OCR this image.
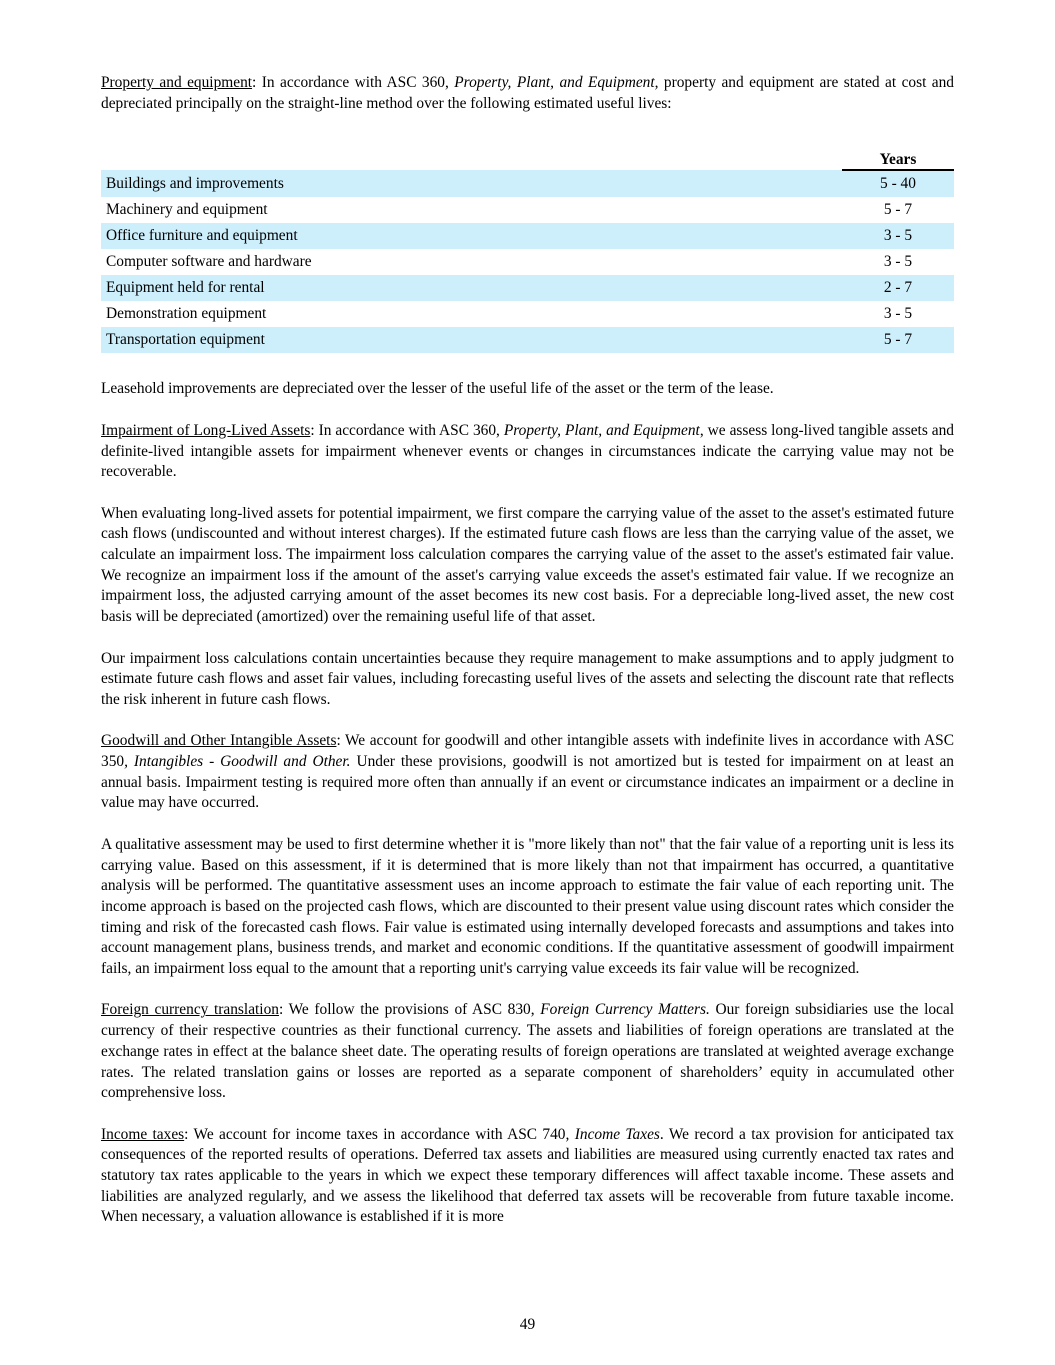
Property and equipment: In accordance with ASC 360, Property, Plant, and Equipment, property and equipment are stated at cost and depreciated principally on the straight-line method over the following estimated useful lives:

	Years
Buildings and improvements	5 - 40
Machinery and equipment	5 - 7
Office furniture and equipment	3 - 5
Computer software and hardware	3 - 5
Equipment held for rental	2 - 7
Demonstration equipment	3 - 5
Transportation equipment	5 - 7

Leasehold improvements are depreciated over the lesser of the useful life of the asset or the term of the lease.

Impairment of Long-Lived Assets: In accordance with ASC 360, Property, Plant, and Equipment, we assess long-lived tangible assets and definite-lived intangible assets for impairment whenever events or changes in circumstances indicate the carrying value may not be recoverable.

When evaluating long-lived assets for potential impairment, we first compare the carrying value of the asset to the asset's estimated future cash flows (undiscounted and without interest charges). If the estimated future cash flows are less than the carrying value of the asset, we calculate an impairment loss. The impairment loss calculation compares the carrying value of the asset to the asset's estimated fair value. We recognize an impairment loss if the amount of the asset's carrying value exceeds the asset's estimated fair value. If we recognize an impairment loss, the adjusted carrying amount of the asset becomes its new cost basis. For a depreciable long-lived asset, the new cost basis will be depreciated (amortized) over the remaining useful life of that asset.

Our impairment loss calculations contain uncertainties because they require management to make assumptions and to apply judgment to estimate future cash flows and asset fair values, including forecasting useful lives of the assets and selecting the discount rate that reflects the risk inherent in future cash flows.

Goodwill and Other Intangible Assets: We account for goodwill and other intangible assets with indefinite lives in accordance with ASC 350, Intangibles - Goodwill and Other. Under these provisions, goodwill is not amortized but is tested for impairment on at least an annual basis. Impairment testing is required more often than annually if an event or circumstance indicates an impairment or a decline in value may have occurred.

A qualitative assessment may be used to first determine whether it is "more likely than not" that the fair value of a reporting unit is less its carrying value. Based on this assessment, if it is determined that is more likely than not that impairment has occurred, a quantitative analysis will be performed. The quantitative assessment uses an income approach to estimate the fair value of each reporting unit. The income approach is based on the projected cash flows, which are discounted to their present value using discount rates which consider the timing and risk of the forecasted cash flows. Fair value is estimated using internally developed forecasts and assumptions and takes into account management plans, business trends, and market and economic conditions. If the quantitative assessment of goodwill impairment fails, an impairment loss equal to the amount that a reporting unit's carrying value exceeds its fair value will be recognized.

Foreign currency translation: We follow the provisions of ASC 830, Foreign Currency Matters. Our foreign subsidiaries use the local currency of their respective countries as their functional currency. The assets and liabilities of foreign operations are translated at the exchange rates in effect at the balance sheet date. The operating results of foreign operations are translated at weighted average exchange rates. The related translation gains or losses are reported as a separate component of shareholders’ equity in accumulated other comprehensive loss.

Income taxes: We account for income taxes in accordance with ASC 740, Income Taxes. We record a tax provision for anticipated tax consequences of the reported results of operations. Deferred tax assets and liabilities are measured using currently enacted tax rates and statutory tax rates applicable to the years in which we expect these temporary differences will affect taxable income. These assets and liabilities are analyzed regularly, and we assess the likelihood that deferred tax assets will be recoverable from future taxable income. When necessary, a valuation allowance is established if it is more

49
